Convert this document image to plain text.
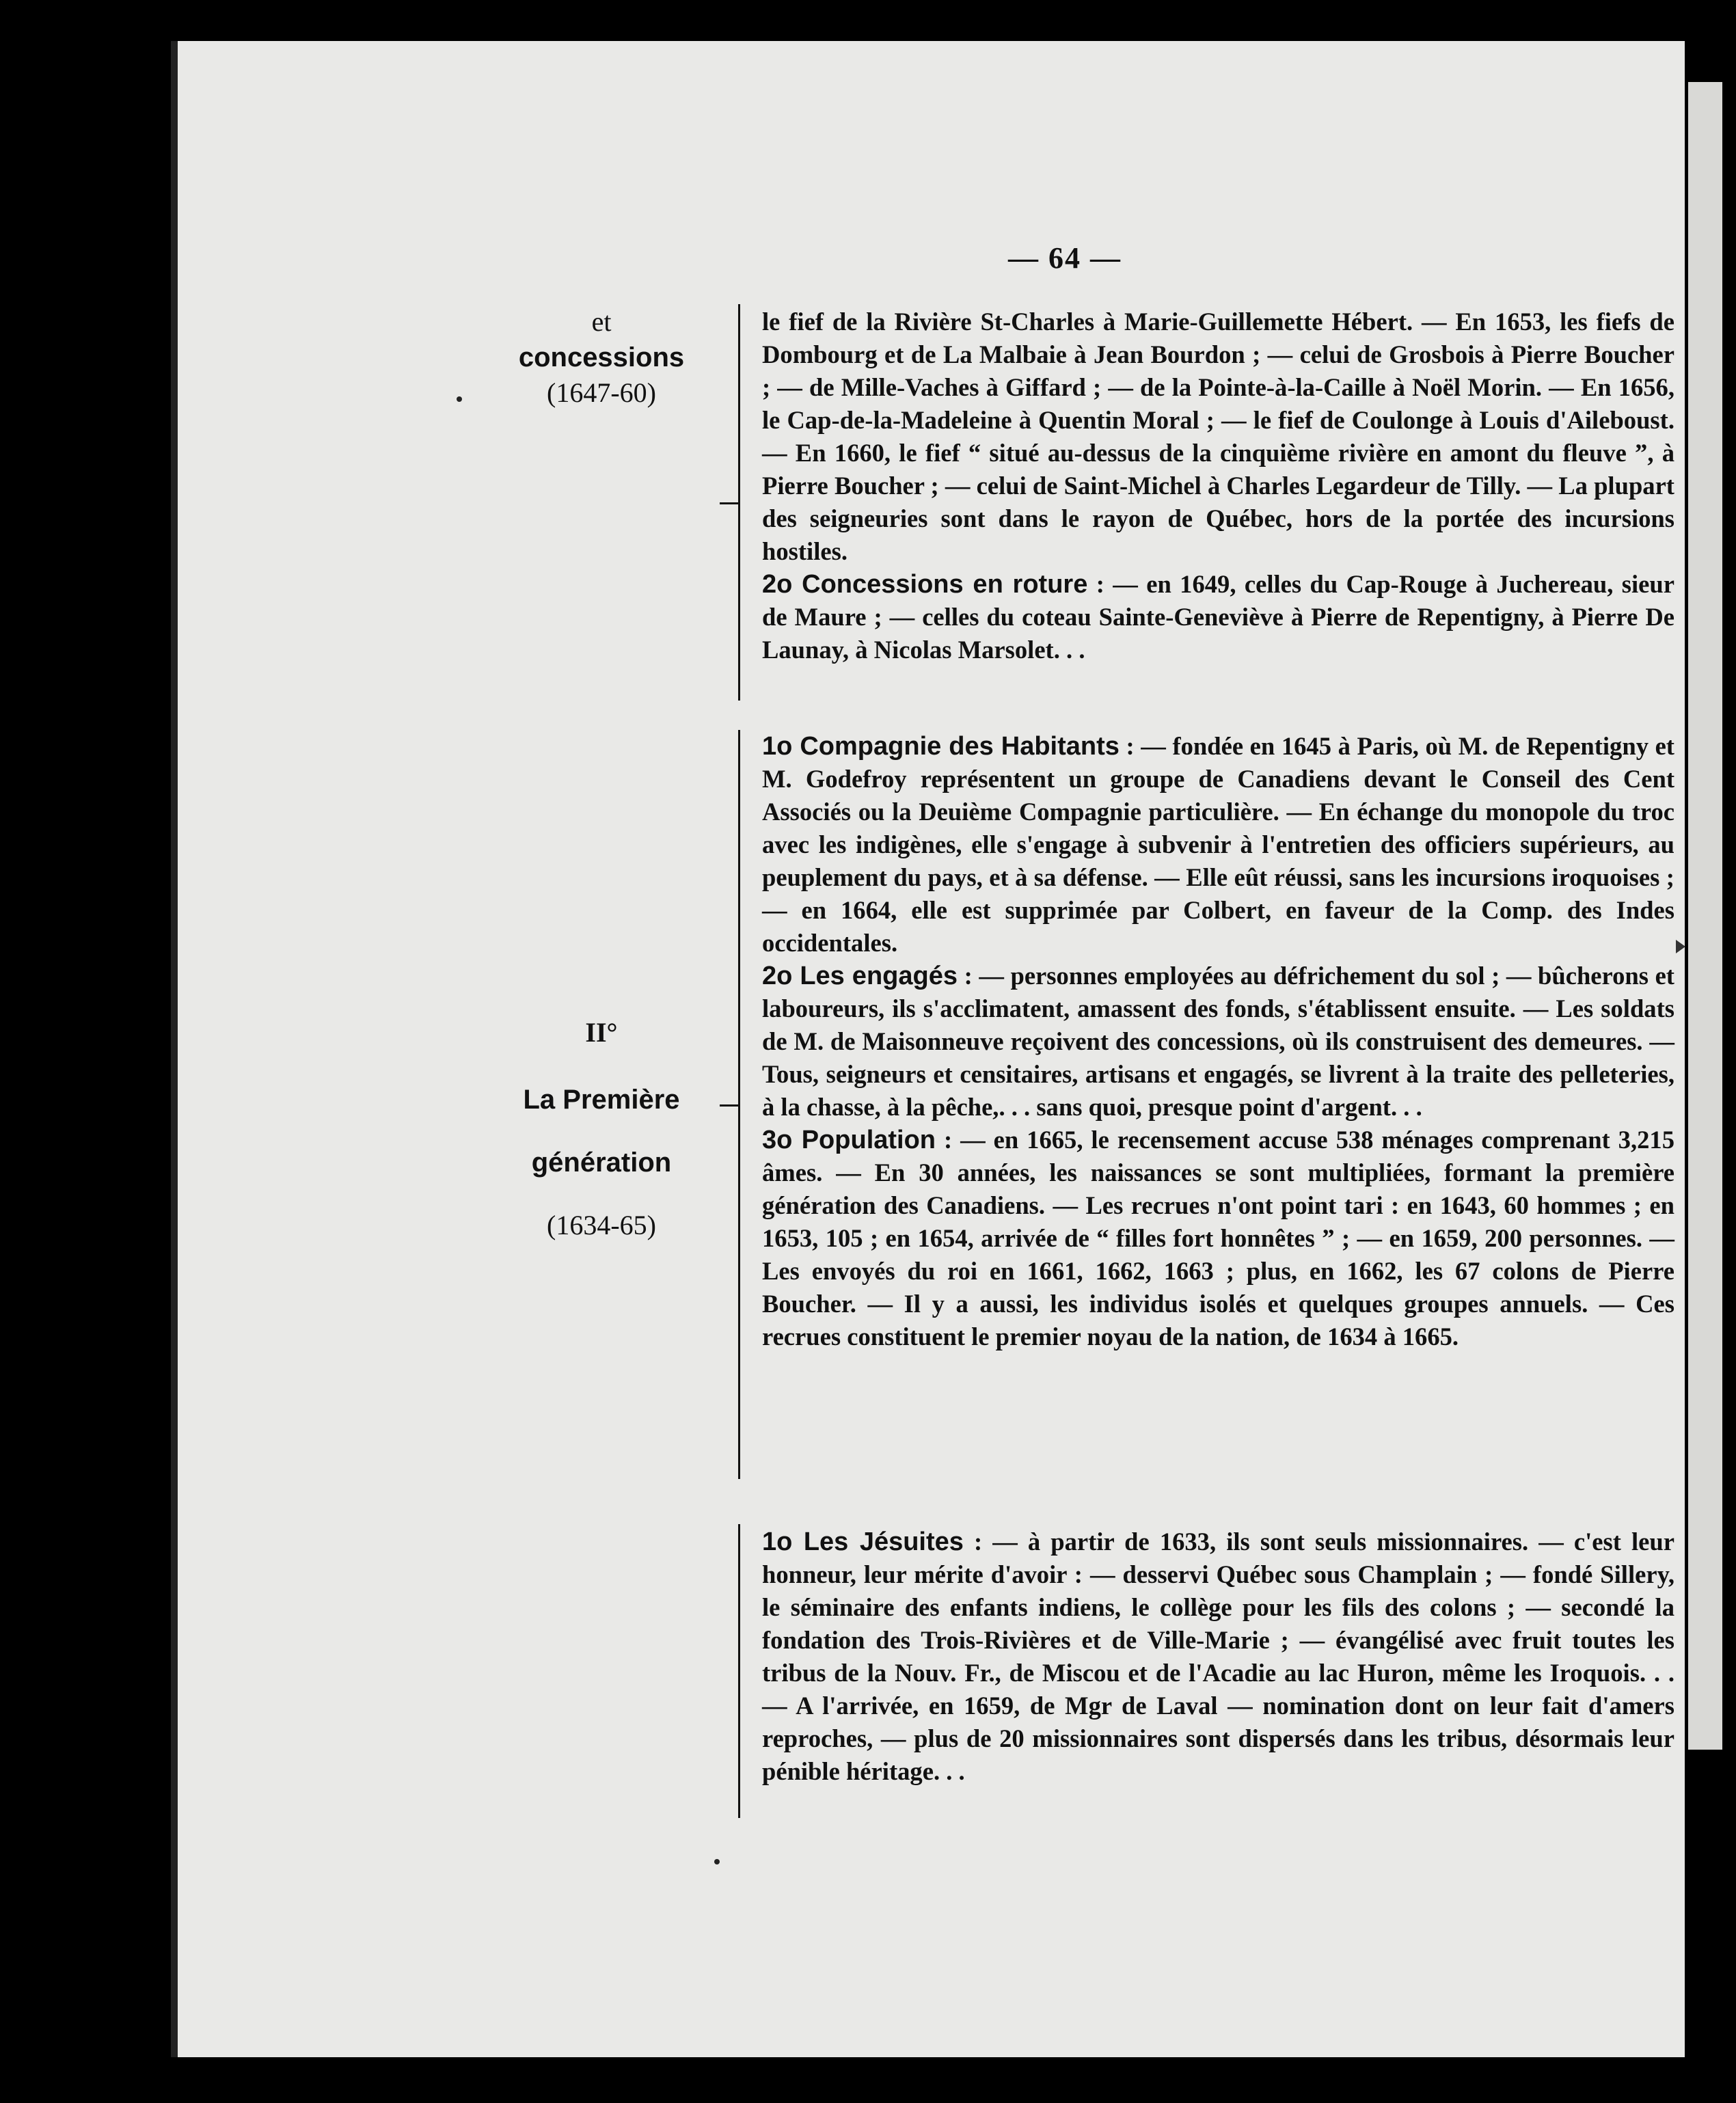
— 64 —
et
concessions
(1647-60)
II°
La Première
génération
(1634-65)

le fief de la Rivière St-Charles à Marie-Guillemette Hébert. — En 1653, les fiefs de Dombourg et de La Malbaie à Jean Bourdon ; — celui de Grosbois à Pierre Boucher ; — de Mille-Vaches à Giffard ; — de la Pointe-à-la-Caille à Noël Morin. — En 1656, le Cap-de-la-Madeleine à Quentin Moral ; — le fief de Coulonge à Louis d'Aileboust. — En 1660, le fief “ situé au-dessus de la cinquième rivière en amont du fleuve ”, à Pierre Boucher ; — celui de Saint-Michel à Charles Legardeur de Tilly. — La plupart des seigneuries sont dans le rayon de Québec, hors de la portée des incursions hostiles.

2o Concessions en roture : — en 1649, celles du Cap-Rouge à Juchereau, sieur de Maure ; — celles du coteau Sainte-Geneviève à Pierre de Repentigny, à Pierre De Launay, à Nicolas Marsolet. . .

1o Compagnie des Habitants : — fondée en 1645 à Paris, où M. de Repentigny et M. Godefroy représentent un groupe de Canadiens devant le Conseil des Cent Associés ou la Deuième Compagnie particulière. — En échange du monopole du troc avec les indigènes, elle s'engage à subvenir à l'entretien des officiers supérieurs, au peuplement du pays, et à sa défense. — Elle eût réussi, sans les incursions iroquoises ; — en 1664, elle est supprimée par Colbert, en faveur de la Comp. des Indes occidentales.

2o Les engagés : — personnes employées au défrichement du sol ; — bûcherons et laboureurs, ils s'acclimatent, amassent des fonds, s'établissent ensuite. — Les soldats de M. de Maisonneuve reçoivent des concessions, où ils construisent des demeures. — Tous, seigneurs et censitaires, artisans et engagés, se livrent à la traite des pelleteries, à la chasse, à la pêche,. . . sans quoi, presque point d'argent. . .

3o Population : — en 1665, le recensement accuse 538 ménages comprenant 3,215 âmes. — En 30 années, les naissances se sont multipliées, formant la première génération des Canadiens. — Les recrues n'ont point tari : en 1643, 60 hommes ; en 1653, 105 ; en 1654, arrivée de “ filles fort honnêtes ” ; — en 1659, 200 personnes. — Les envoyés du roi en 1661, 1662, 1663 ; plus, en 1662, les 67 colons de Pierre Boucher. — Il y a aussi, les individus isolés et quelques groupes annuels. — Ces recrues constituent le premier noyau de la nation, de 1634 à 1665.

1o Les Jésuites : — à partir de 1633, ils sont seuls missionnaires. — c'est leur honneur, leur mérite d'avoir : — desservi Québec sous Champlain ; — fondé Sillery, le séminaire des enfants indiens, le collège pour les fils des colons ; — secondé la fondation des Trois-Rivières et de Ville-Marie ; — évangélisé avec fruit toutes les tribus de la Nouv. Fr., de Miscou et de l'Acadie au lac Huron, même les Iroquois. . . — A l'arrivée, en 1659, de Mgr de Laval — nomination dont on leur fait d'amers reproches, — plus de 20 missionnaires sont dispersés dans les tribus, désormais leur pénible héritage. . .
